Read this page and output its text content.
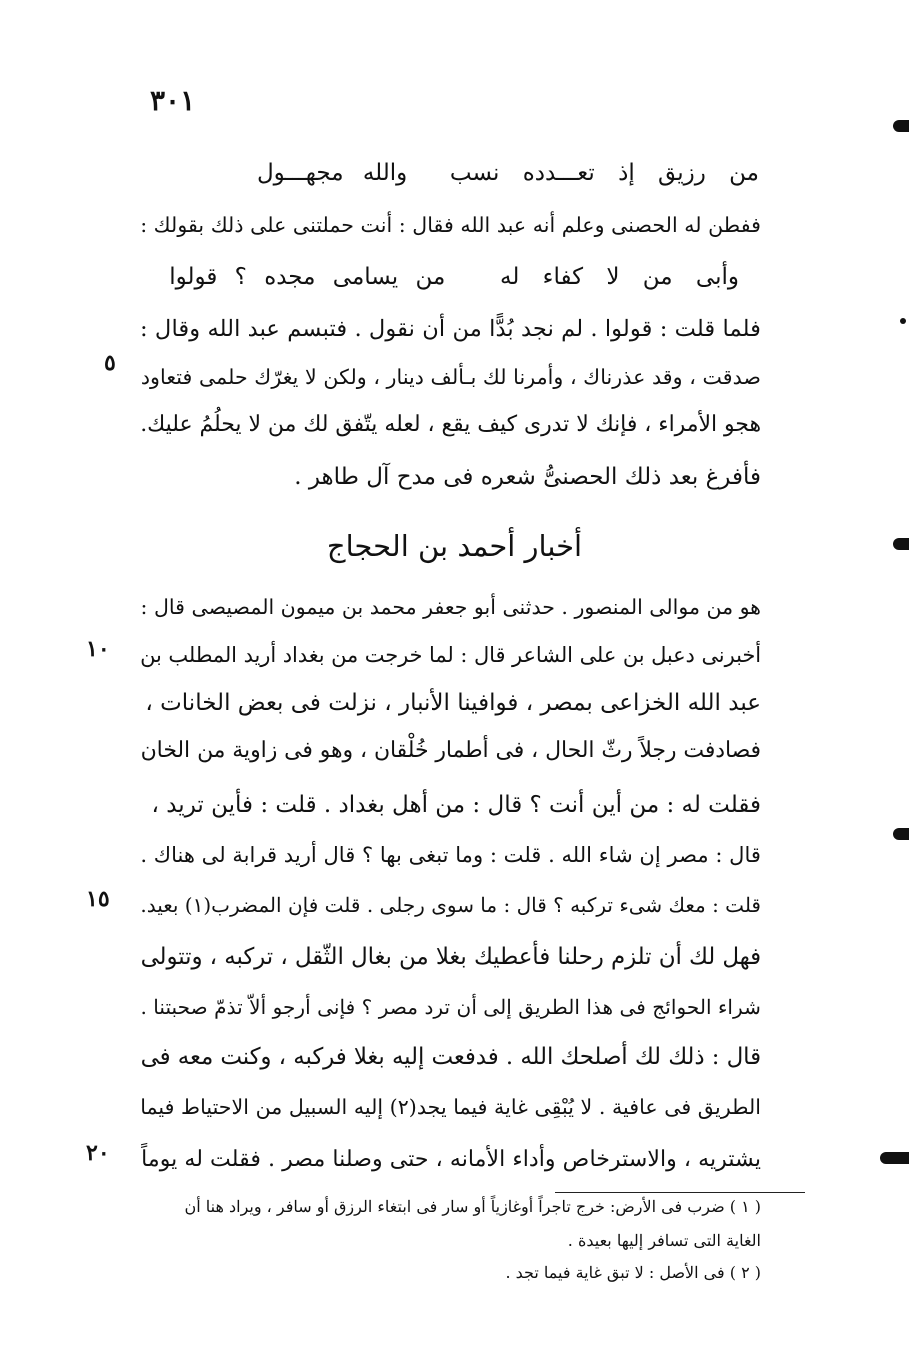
٣٠١
من رزيق إذ تعـــدده نسب  والله مجهـــول
ففطن له الحصنى وعلم أنه عبد الله فقال : أنت حملتنى على ذلك بقولك :
وأبى من لا كفاء له  من يسامى مجده ؟ قولوا
فلما قلت : قولوا . لم نجد بُدًّا من أن نقول . فتبسم عبد الله وقال :
صدقت ، وقد عذرناك ، وأمرنا لك بـألف دينار ، ولكن لا يغرّك حلمى فتعاود
هجو الأمراء ، فإنك لا تدرى كيف يقع ، لعله يتّفق لك من لا يحلُمُ عليك.
فأفرغ بعد ذلك الحصنىُّ شعره فى مدح آل طاهر .
أخبار أحمد بن الحجاج
هو من موالى المنصور . حدثنى أبو جعفر محمد بن ميمون المصيصى قال :
أخبرنى دعبل بن على الشاعر قال : لما خرجت من بغداد أريد المطلب بن
عبد الله الخزاعى بمصر ، فوافينا الأنبار ، نزلت فى بعض الخانات ،
فصادفت رجلاً رثّ الحال ، فى أطمار خُلْقان ، وهو فى زاوية من الخان
فقلت له : من أين أنت ؟ قال : من أهل بغداد . قلت : فأين تريد ،
قال : مصر إن شاء الله . قلت : وما تبغى بها ؟ قال أريد قرابة لى هناك .
قلت : معك شىء تركبه ؟ قال : ما سوى رجلى . قلت فإن المضرب(١) بعيد.
فهل لك أن تلزم رحلنا فأعطيك بغلا من بغال الثّقل ، تركبه ، وتتولى
شراء الحوائج فى هذا الطريق إلى أن ترد مصر ؟ فإنى أرجو ألاّ تذمّ صحبتنا .
قال : ذلك لك أصلحك الله . فدفعت إليه بغلا فركبه ، وكنت معه فى
الطريق فى عافية . لا يُبْقِى غاية فيما يجد(٢) إليه السبيل من الاحتياط فيما
يشتريه ، والاسترخاص وأداء الأمانه ، حتى وصلنا مصر . فقلت له يوماً
٥
١٠
١٥
٢٠
( ١ ) ضرب فى الأرض: خرج تاجراً أوغازياً أو سار فى ابتغاء الرزق أو سافر ، ويراد هنا أن
الغاية التى تسافر إليها بعيدة .
( ٢ ) فى الأصل : لا تبق غاية فيما تجد .
